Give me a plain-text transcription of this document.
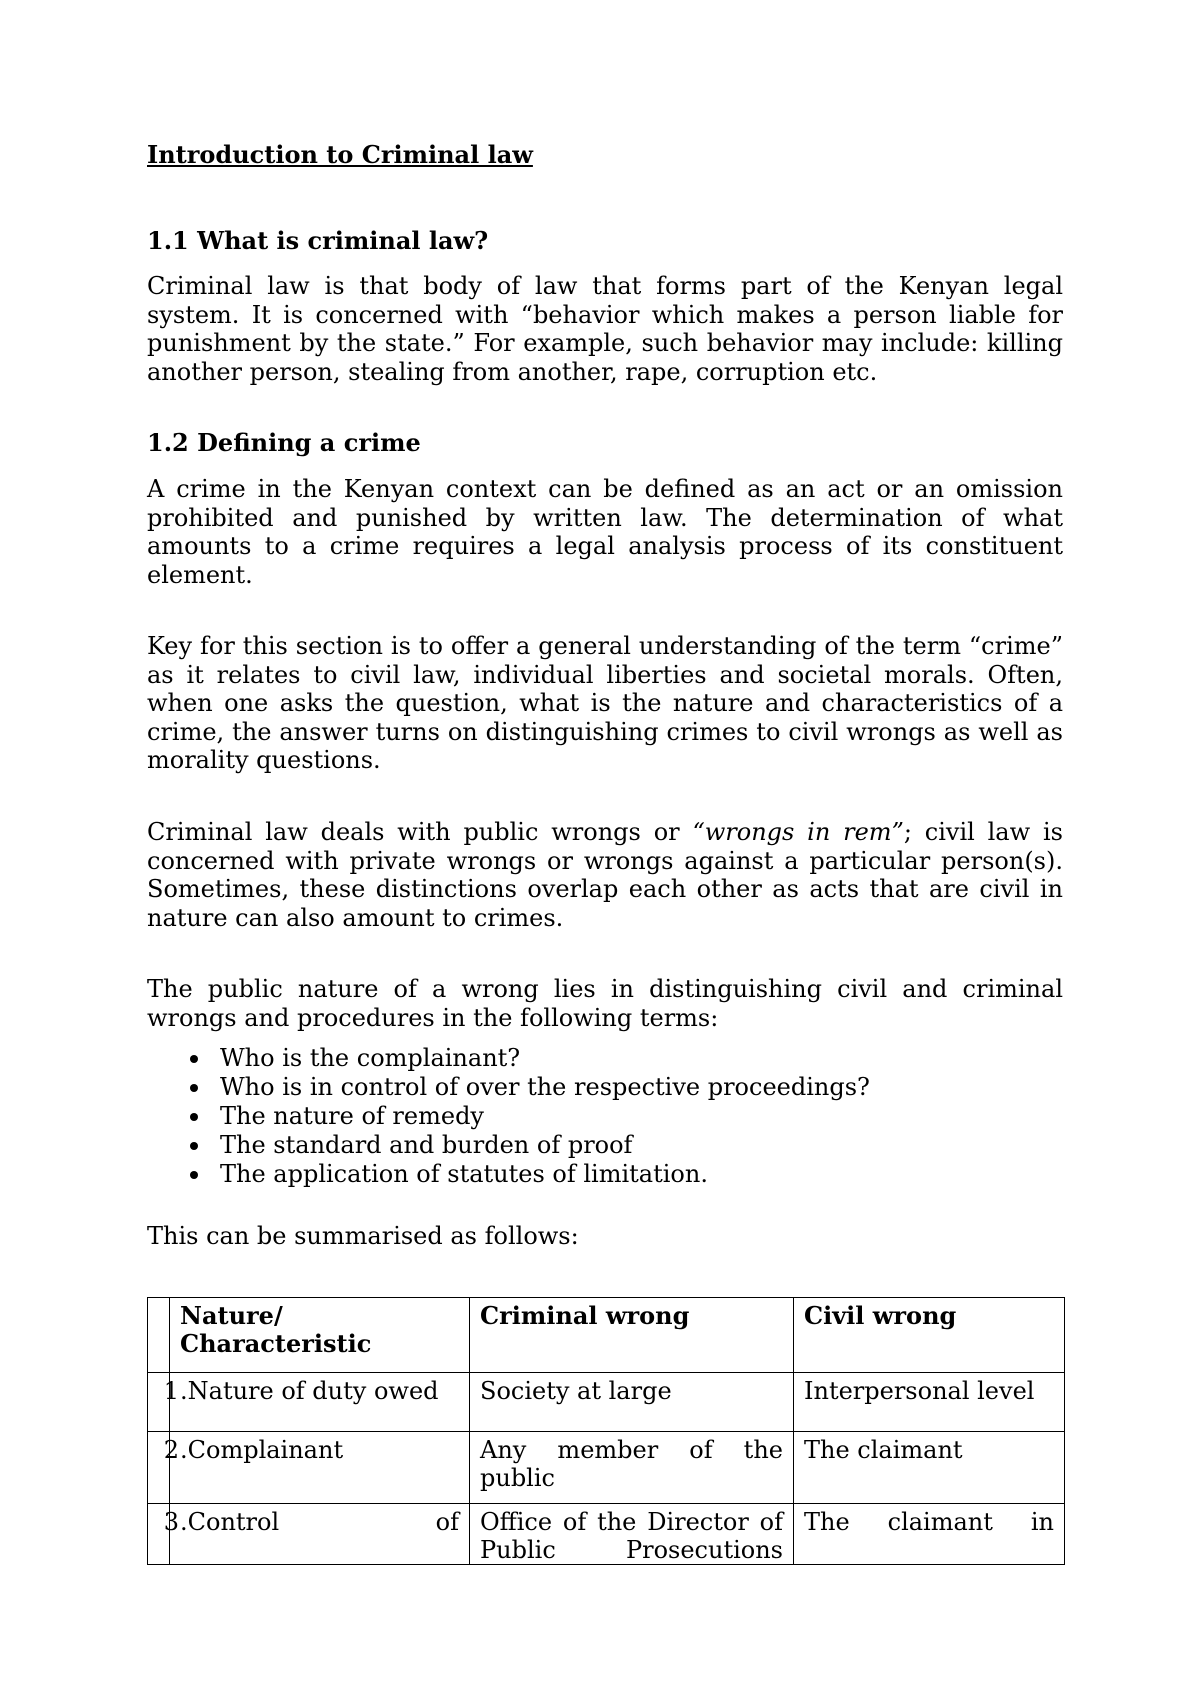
Introduction to Criminal law
1.1 What is criminal law?

Criminal law is that body of law that forms part of the Kenyan legal system. It is concerned with “behavior which makes a person liable for punishment by the state.” For example, such behavior may include: killing another person, stealing from another, rape, corruption etc.

1.2 Defining a crime

A crime in the Kenyan context can be defined as an act or an omission prohibited and punished by written law. The determination of what amounts to a crime requires a legal analysis process of its constituent element.

Key for this section is to offer a general understanding of the term “crime” as it relates to civil law, individual liberties and societal morals. Often, when one asks the question, what is the nature and characteristics of a crime, the answer turns on distinguishing crimes to civil wrongs as well as morality questions.

Criminal law deals with public wrongs or “wrongs in rem”; civil law is concerned with private wrongs or wrongs against a particular person(s). Sometimes, these distinctions overlap each other as acts that are civil in nature can also amount to crimes.

The public nature of a wrong lies in distinguishing civil and criminal wrongs and procedures in the following terms:

Who is the complainant?
Who is in control of over the respective proceedings?
The nature of remedy
The standard and burden of proof
The application of statutes of limitation.

This can be summarised as follows:

	Nature/ Characteristic	Criminal wrong	Civil wrong
1	.Nature of duty owed	Society at large	Interpersonal level
2	.Complainant	Any member of the public	The claimant
3	.Control of	Office of the Director of Public Prosecutions	The claimant in
